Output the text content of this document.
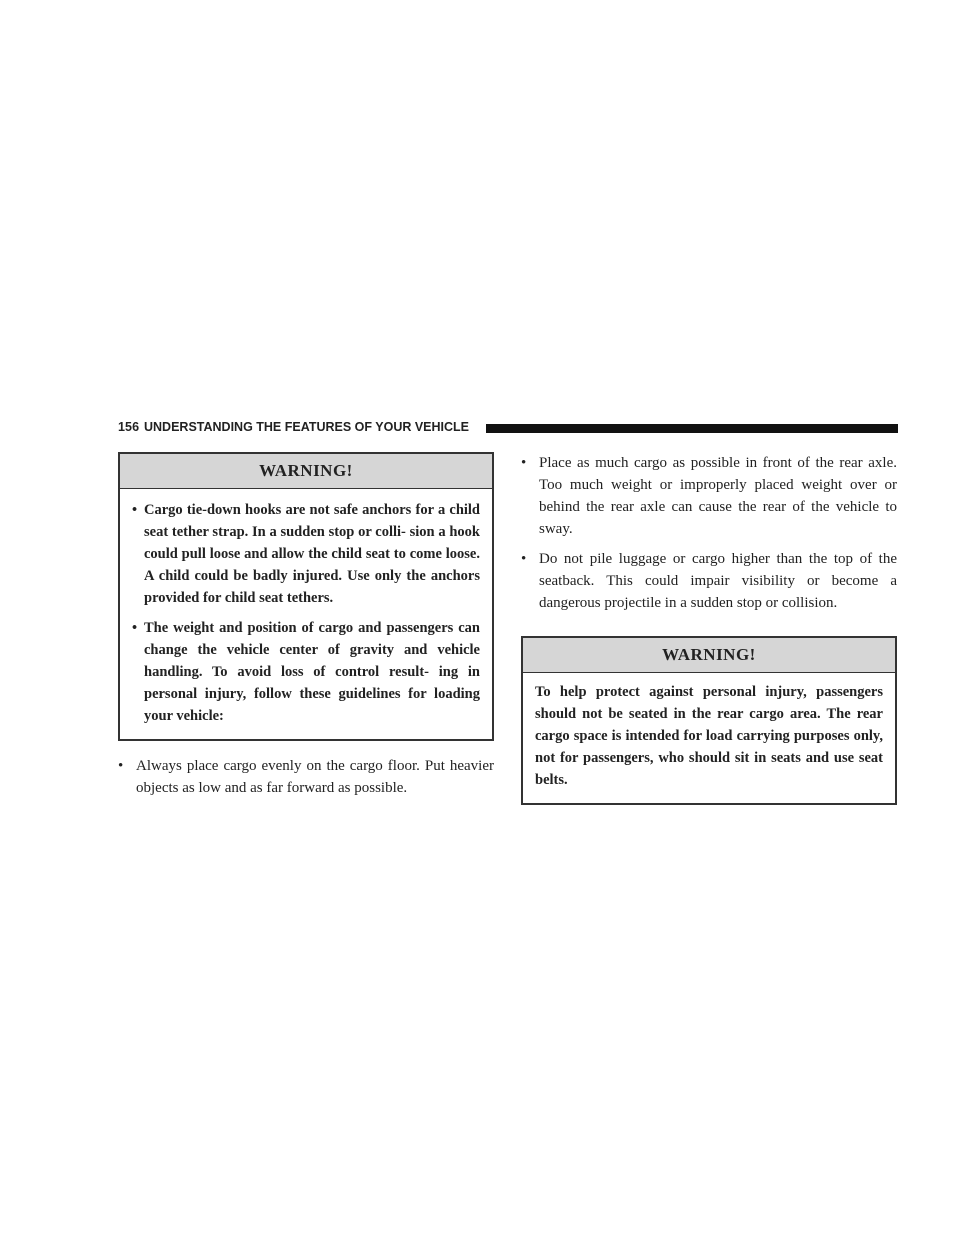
156 UNDERSTANDING THE FEATURES OF YOUR VEHICLE
WARNING!
• Cargo tie-down hooks are not safe anchors for a child seat tether strap. In a sudden stop or colli- sion a hook could pull loose and allow the child seat to come loose. A child could be badly injured. Use only the anchors provided for child seat tethers.
• The weight and position of cargo and passengers can change the vehicle center of gravity and vehicle handling. To avoid loss of control result- ing in personal injury, follow these guidelines for loading your vehicle:
• Always place cargo evenly on the cargo floor. Put heavier objects as low and as far forward as possible.
• Place as much cargo as possible in front of the rear axle. Too much weight or improperly placed weight over or behind the rear axle can cause the rear of the vehicle to sway.
• Do not pile luggage or cargo higher than the top of the seatback. This could impair visibility or become a dangerous projectile in a sudden stop or collision.
WARNING!
To help protect against personal injury, passengers should not be seated in the rear cargo area. The rear cargo space is intended for load carrying purposes only, not for passengers, who should sit in seats and use seat belts.
